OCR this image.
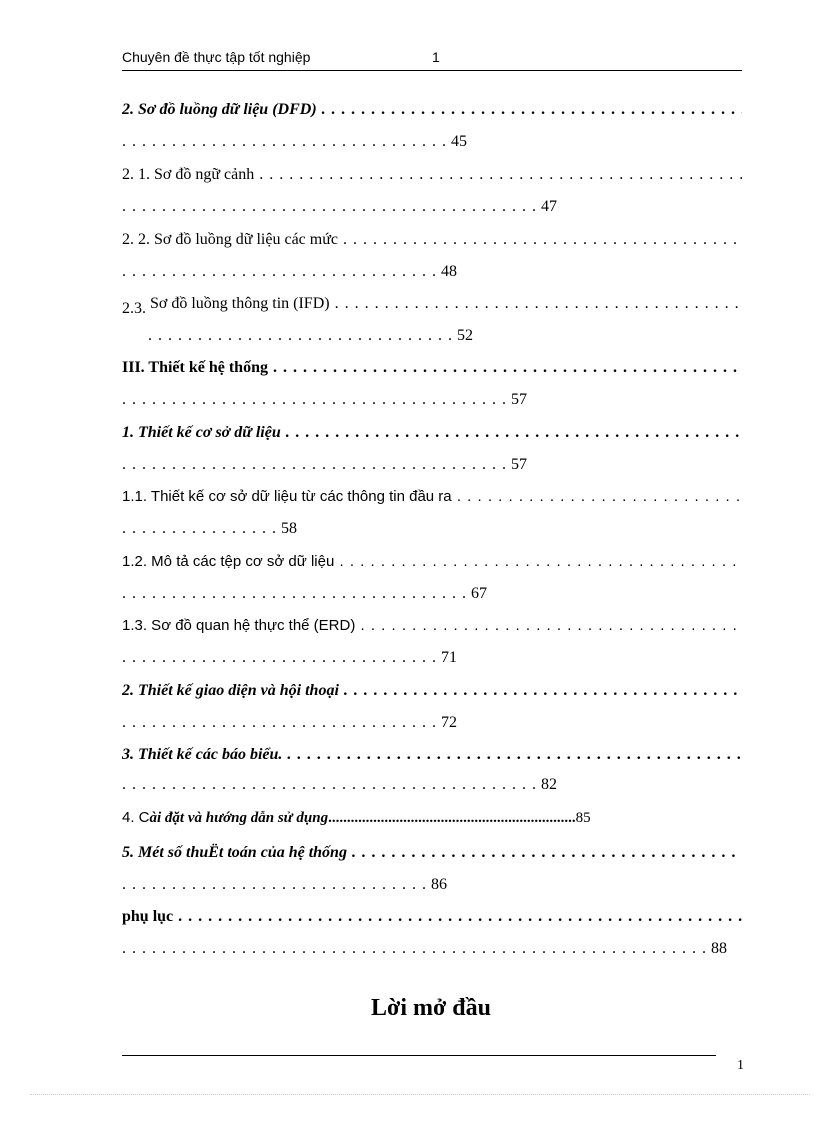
Chuyên đề thực tập tốt nghiệp	1
2. Sơ đồ luồng dữ liệu (DFD) . . .
. . . . . . . . . . . . . . . . . . . . . . . . . . . . . . . . . 45
2. 1. Sơ đồ ngữ cảnh . . .
. . . . . . . . . . . . . . . . . . . . . . . . . . . . . . . . . . . . . . . . . . 47
2. 2. Sơ đồ luồng dữ liệu các mức . . .
. . . . . . . . . . . . . . . . . . . . . . . . . . . . . . . . 48
2.3. Sơ đồ luồng thông tin (IFD) . . .
. . . . . . . . . . . . . . . . . . . . . . . . . . . . . . . 52
III. Thiết kế hệ thống . . .
. . . . . . . . . . . . . . . . . . . . . . . . . . . . . . . . . . . . . . . 57
1. Thiết kế cơ sở dữ liệu . . .
. . . . . . . . . . . . . . . . . . . . . . . . . . . . . . . . . . . . . . . 57
1.1. Thiết kế cơ sở dữ liệu từ các thông tin đầu ra . . .
. . . . . . . . . . . . . . . . 58
1.2. Mô tả các tệp cơ sở dữ liệu . . .
. . . . . . . . . . . . . . . . . . . . . . . . . . . . . . . . . . . 67
1.3. Sơ đồ quan hệ thực thể (ERD) . . .
. . . . . . . . . . . . . . . . . . . . . . . . . . . . . . . . 71
2. Thiết kế giao diện và hội thoại . . .
. . . . . . . . . . . . . . . . . . . . . . . . . . . . . . . . 72
3. Thiết kế các báo biểu. . . .
. . . . . . . . . . . . . . . . . . . . . . . . . . . . . . . . . . . . . . . . . . 82
5. Mét số thuËt toán của hệ thống . . .
. . . . . . . . . . . . . . . . . . . . . . . . . . . . . . . 86
phụ lục . . .
. . . . . . . . . . . . . . . . . . . . . . . . . . . . . . . . . . . . . . . . . . . . . . . . . . . . . . . . . . . 88
4. Cài đặt và hướng dẫn sử dụng..................................................................85
Lời mở đầu
1
